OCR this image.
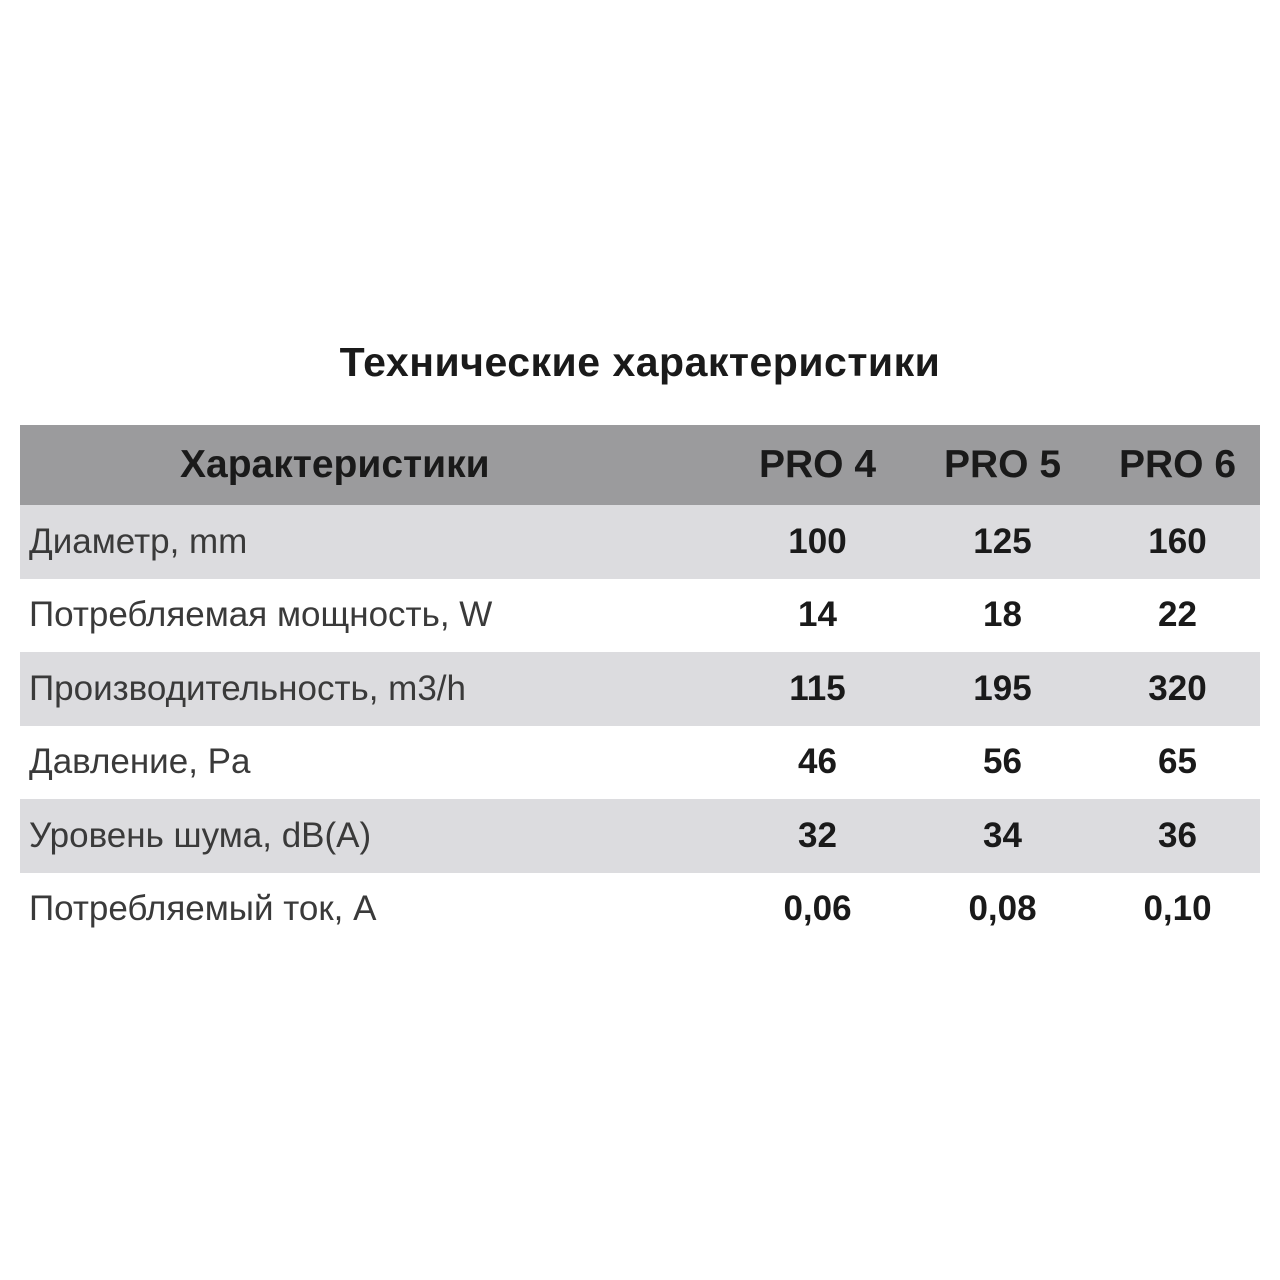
Технические характеристики
Характеристики	PRO 4	PRO 5	PRO 6
Диаметр, mm	100	125	160
Потребляемая мощность, W	14	18	22
Производительность, m3/h	115	195	320
Давление, Pa	46	56	65
Уровень шума, dB(A)	32	34	36
Потребляемый ток, A	0,06	0,08	0,10
